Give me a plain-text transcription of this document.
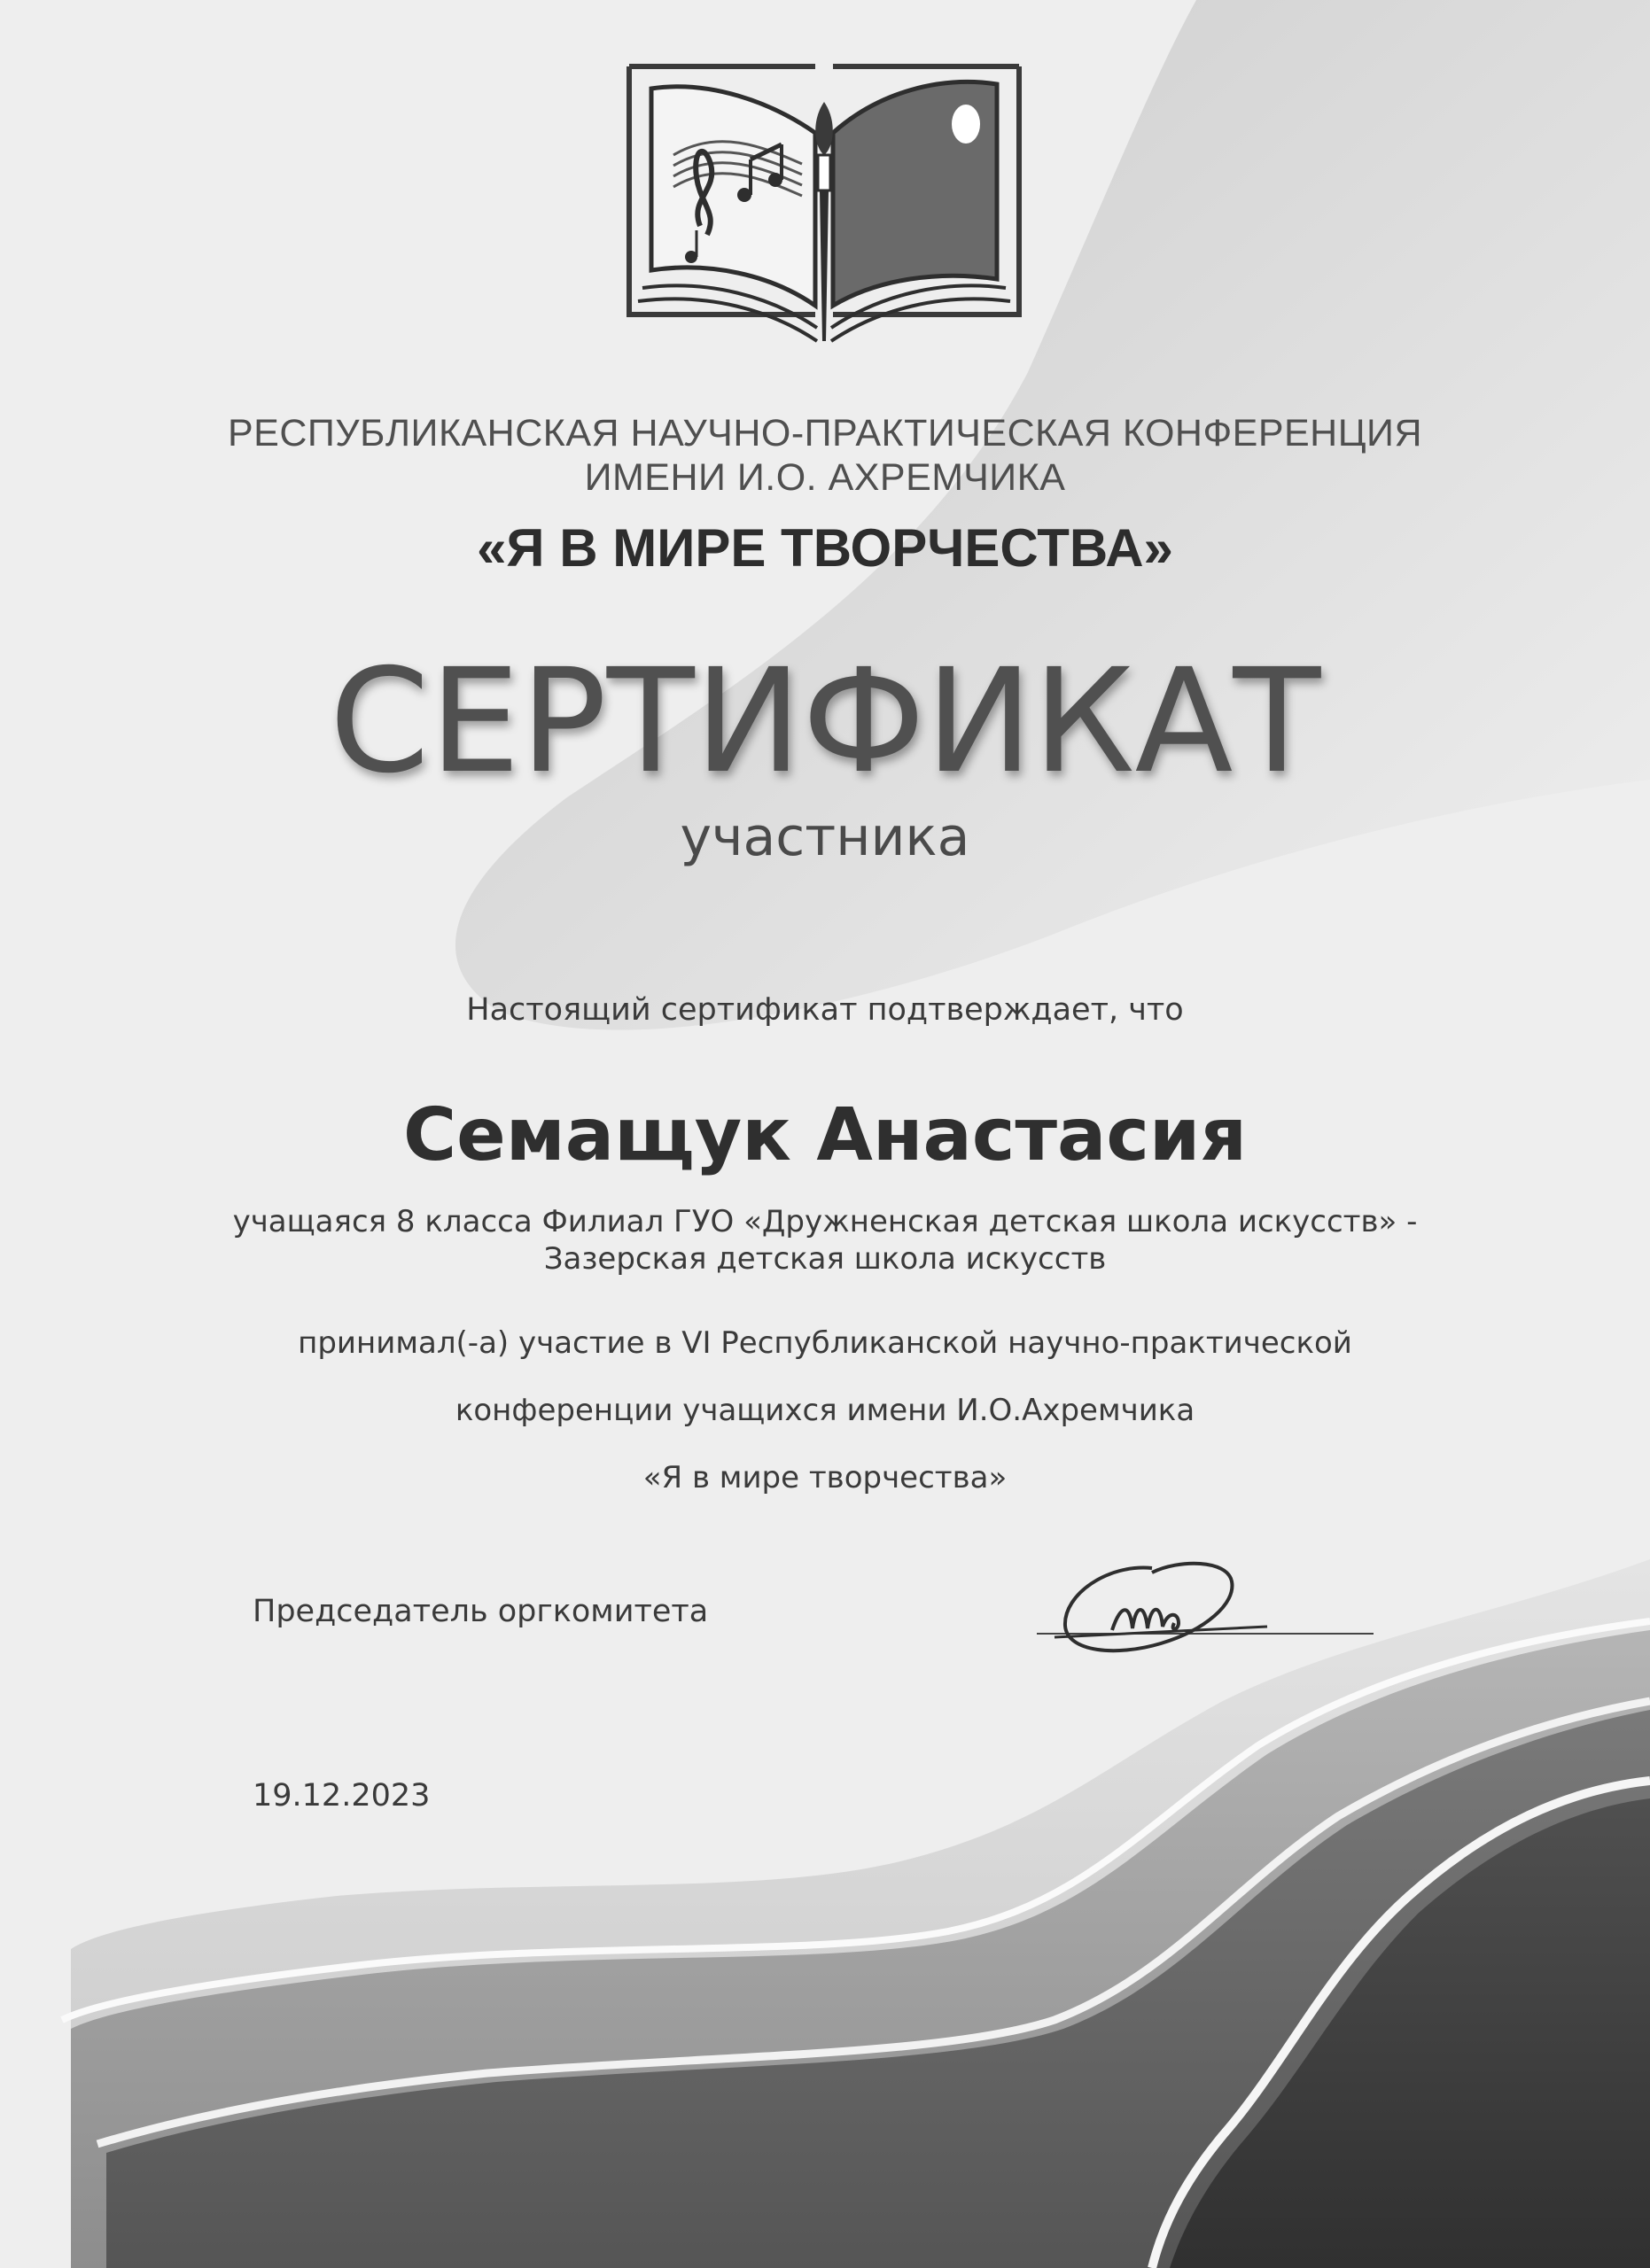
РЕСПУБЛИКАНСКАЯ НАУЧНО-ПРАКТИЧЕСКАЯ КОНФЕРЕНЦИЯ
ИМЕНИ И.О. АХРЕМЧИКА
«Я В МИРЕ ТВОРЧЕСТВА»
СЕРТИФИКАТ
участника
Настоящий сертификат подтверждает, что
Семащук Анастасия
учащаяся 8 класса Филиал ГУО «Дружненская детская школа искусств» -
Зазерская детская школа искусств
принимал(-а) участие в VI Республиканской научно-практической
конференции учащихся имени И.О.Ахремчика
«Я в мире творчества»
Председатель оргкомитета
19.12.2023
